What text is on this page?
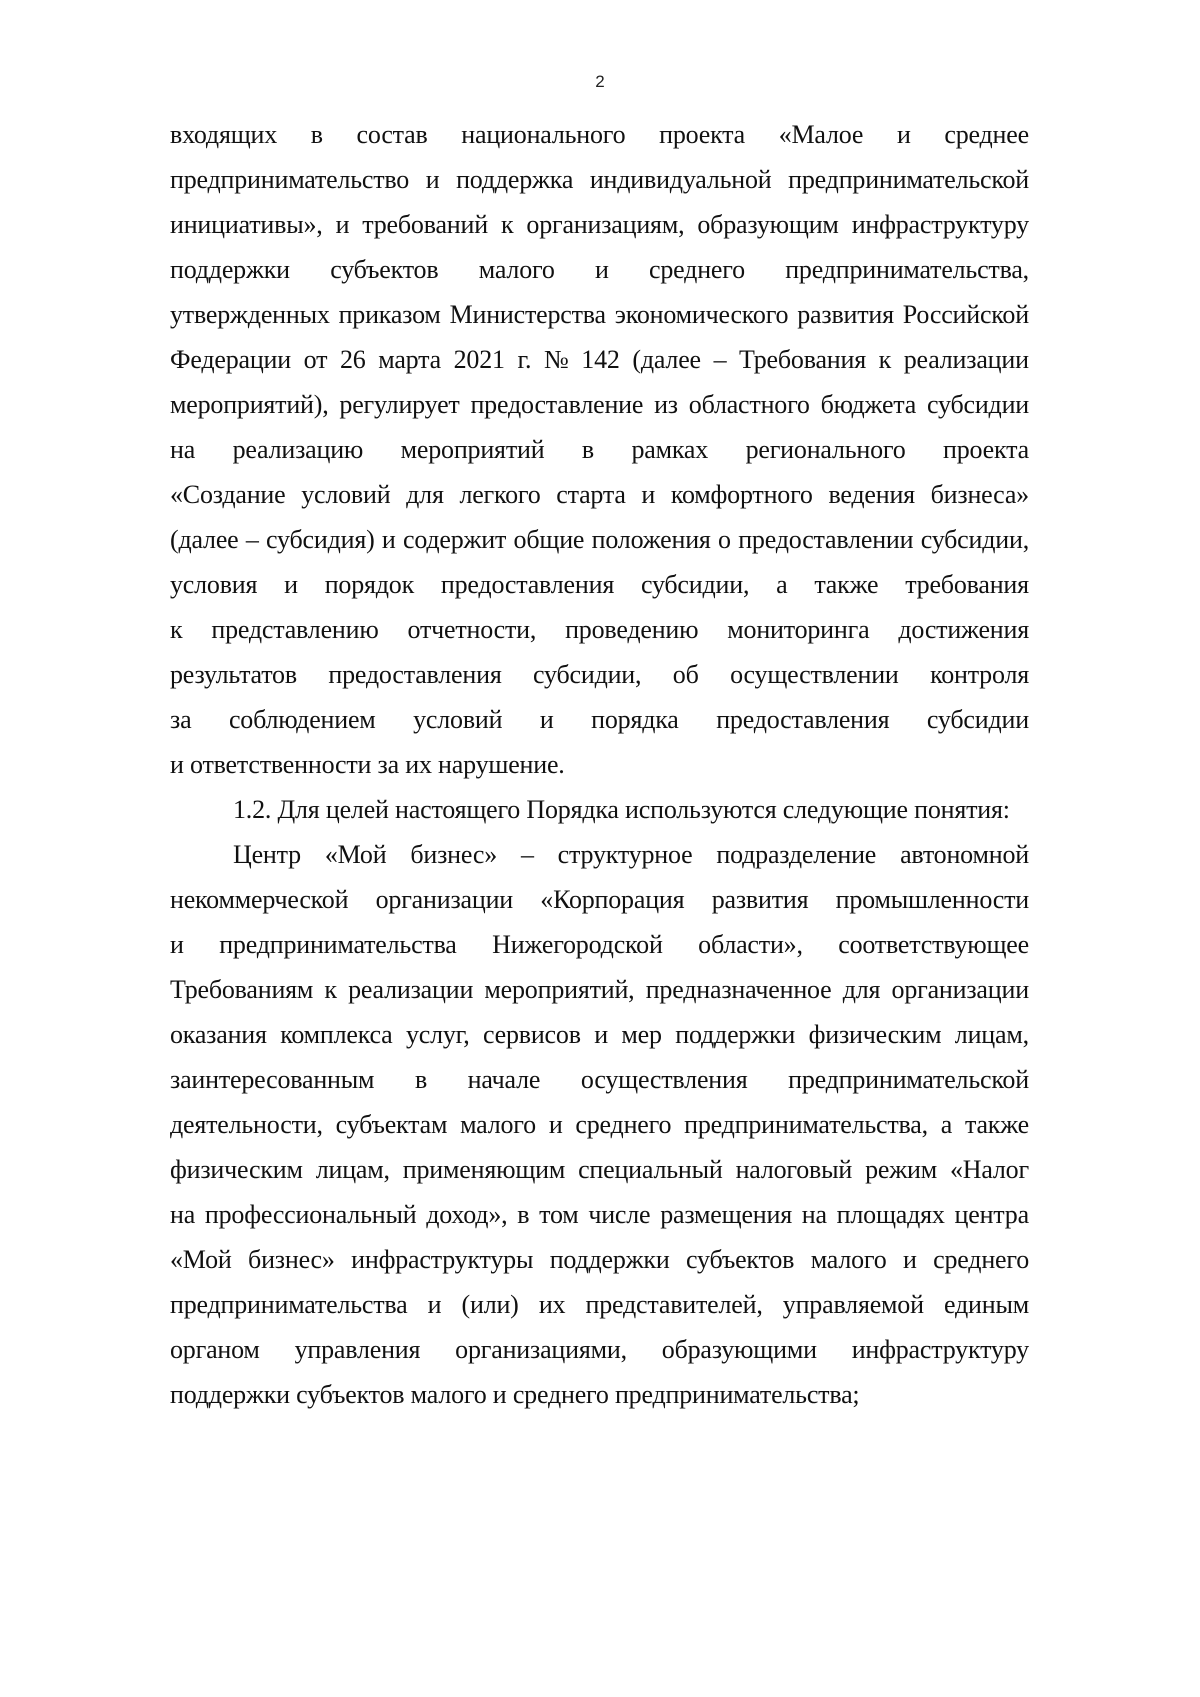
2
входящих в состав национального проекта «Малое и среднее
предпринимательство и поддержка индивидуальной предпринимательской
инициативы», и требований к организациям, образующим инфраструктуру
поддержки субъектов малого и среднего предпринимательства,
утвержденных приказом Министерства экономического развития Российской
Федерации от 26 марта 2021 г. № 142 (далее – Требования к реализации
мероприятий), регулирует предоставление из областного бюджета субсидии
на реализацию мероприятий в рамках регионального проекта
«Создание условий для легкого старта и комфортного ведения бизнеса»
(далее – субсидия) и содержит общие положения о предоставлении субсидии,
условия и порядок предоставления субсидии, а также требования
к представлению отчетности, проведению мониторинга достижения
результатов предоставления субсидии, об осуществлении контроля
за соблюдением условий и порядка предоставления субсидии
и ответственности за их нарушение.
1.2. Для целей настоящего Порядка используются следующие понятия:
Центр «Мой бизнес» – структурное подразделение автономной
некоммерческой организации «Корпорация развития промышленности
и предпринимательства Нижегородской области», соответствующее
Требованиям к реализации мероприятий, предназначенное для организации
оказания комплекса услуг, сервисов и мер поддержки физическим лицам,
заинтересованным в начале осуществления предпринимательской
деятельности, субъектам малого и среднего предпринимательства, а также
физическим лицам, применяющим специальный налоговый режим «Налог
на профессиональный доход», в том числе размещения на площадях центра
«Мой бизнес» инфраструктуры поддержки субъектов малого и среднего
предпринимательства и (или) их представителей, управляемой единым
органом управления организациями, образующими инфраструктуру
поддержки субъектов малого и среднего предпринимательства;
